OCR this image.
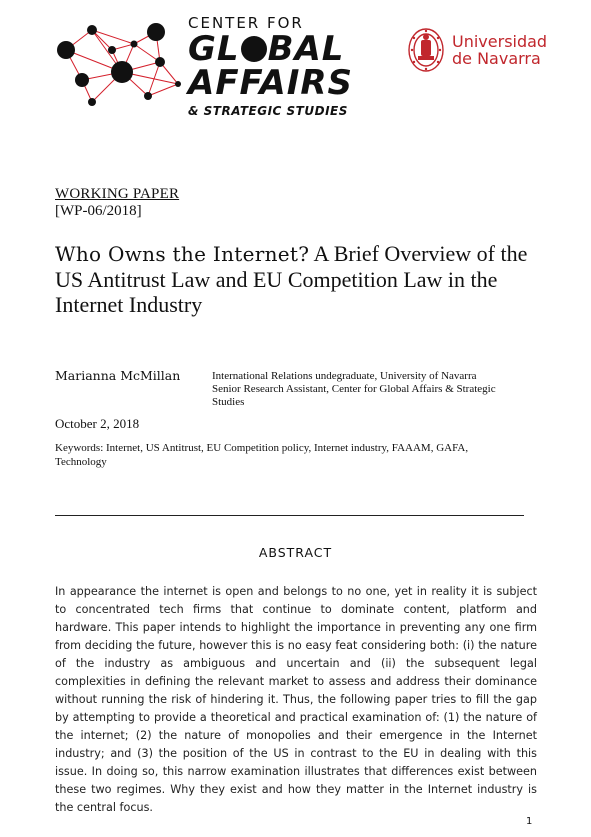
CENTER FOR
GL BAL
AFFAIRS
& STRATEGIC STUDIES
Universidad
de Navarra
WORKING PAPER
[WP-06/2018]
Who Owns the Internet? A Brief Overview of the US Antitrust Law and EU Competition Law in the Internet Industry
Marianna McMillan	International Relations undegraduate, University of Navarra
Senior Research Assistant, Center for Global Affairs & Strategic Studies
October 2, 2018
Keywords: Internet, US Antitrust, EU Competition policy, Internet industry, FAAAM, GAFA, Technology
ABSTRACT
In appearance the internet is open and belongs to no one, yet in reality it is subject to concentrated tech firms that continue to dominate content, platform and hardware. This paper intends to highlight the importance in preventing any one firm from deciding the future, however this is no easy feat considering both: (i) the nature of the industry as ambiguous and uncertain and (ii) the subsequent legal complexities in defining the relevant market to assess and address their dominance without running the risk of hindering it. Thus, the following paper tries to fill the gap by attempting to provide a theoretical and practical examination of: (1) the nature of the internet; (2) the nature of monopolies and their emergence in the Internet industry; and (3) the position of the US in contrast to the EU in dealing with this issue. In doing so, this narrow examination illustrates that differences exist between these two regimes. Why they exist and how they matter in the Internet industry is the central focus.
1
